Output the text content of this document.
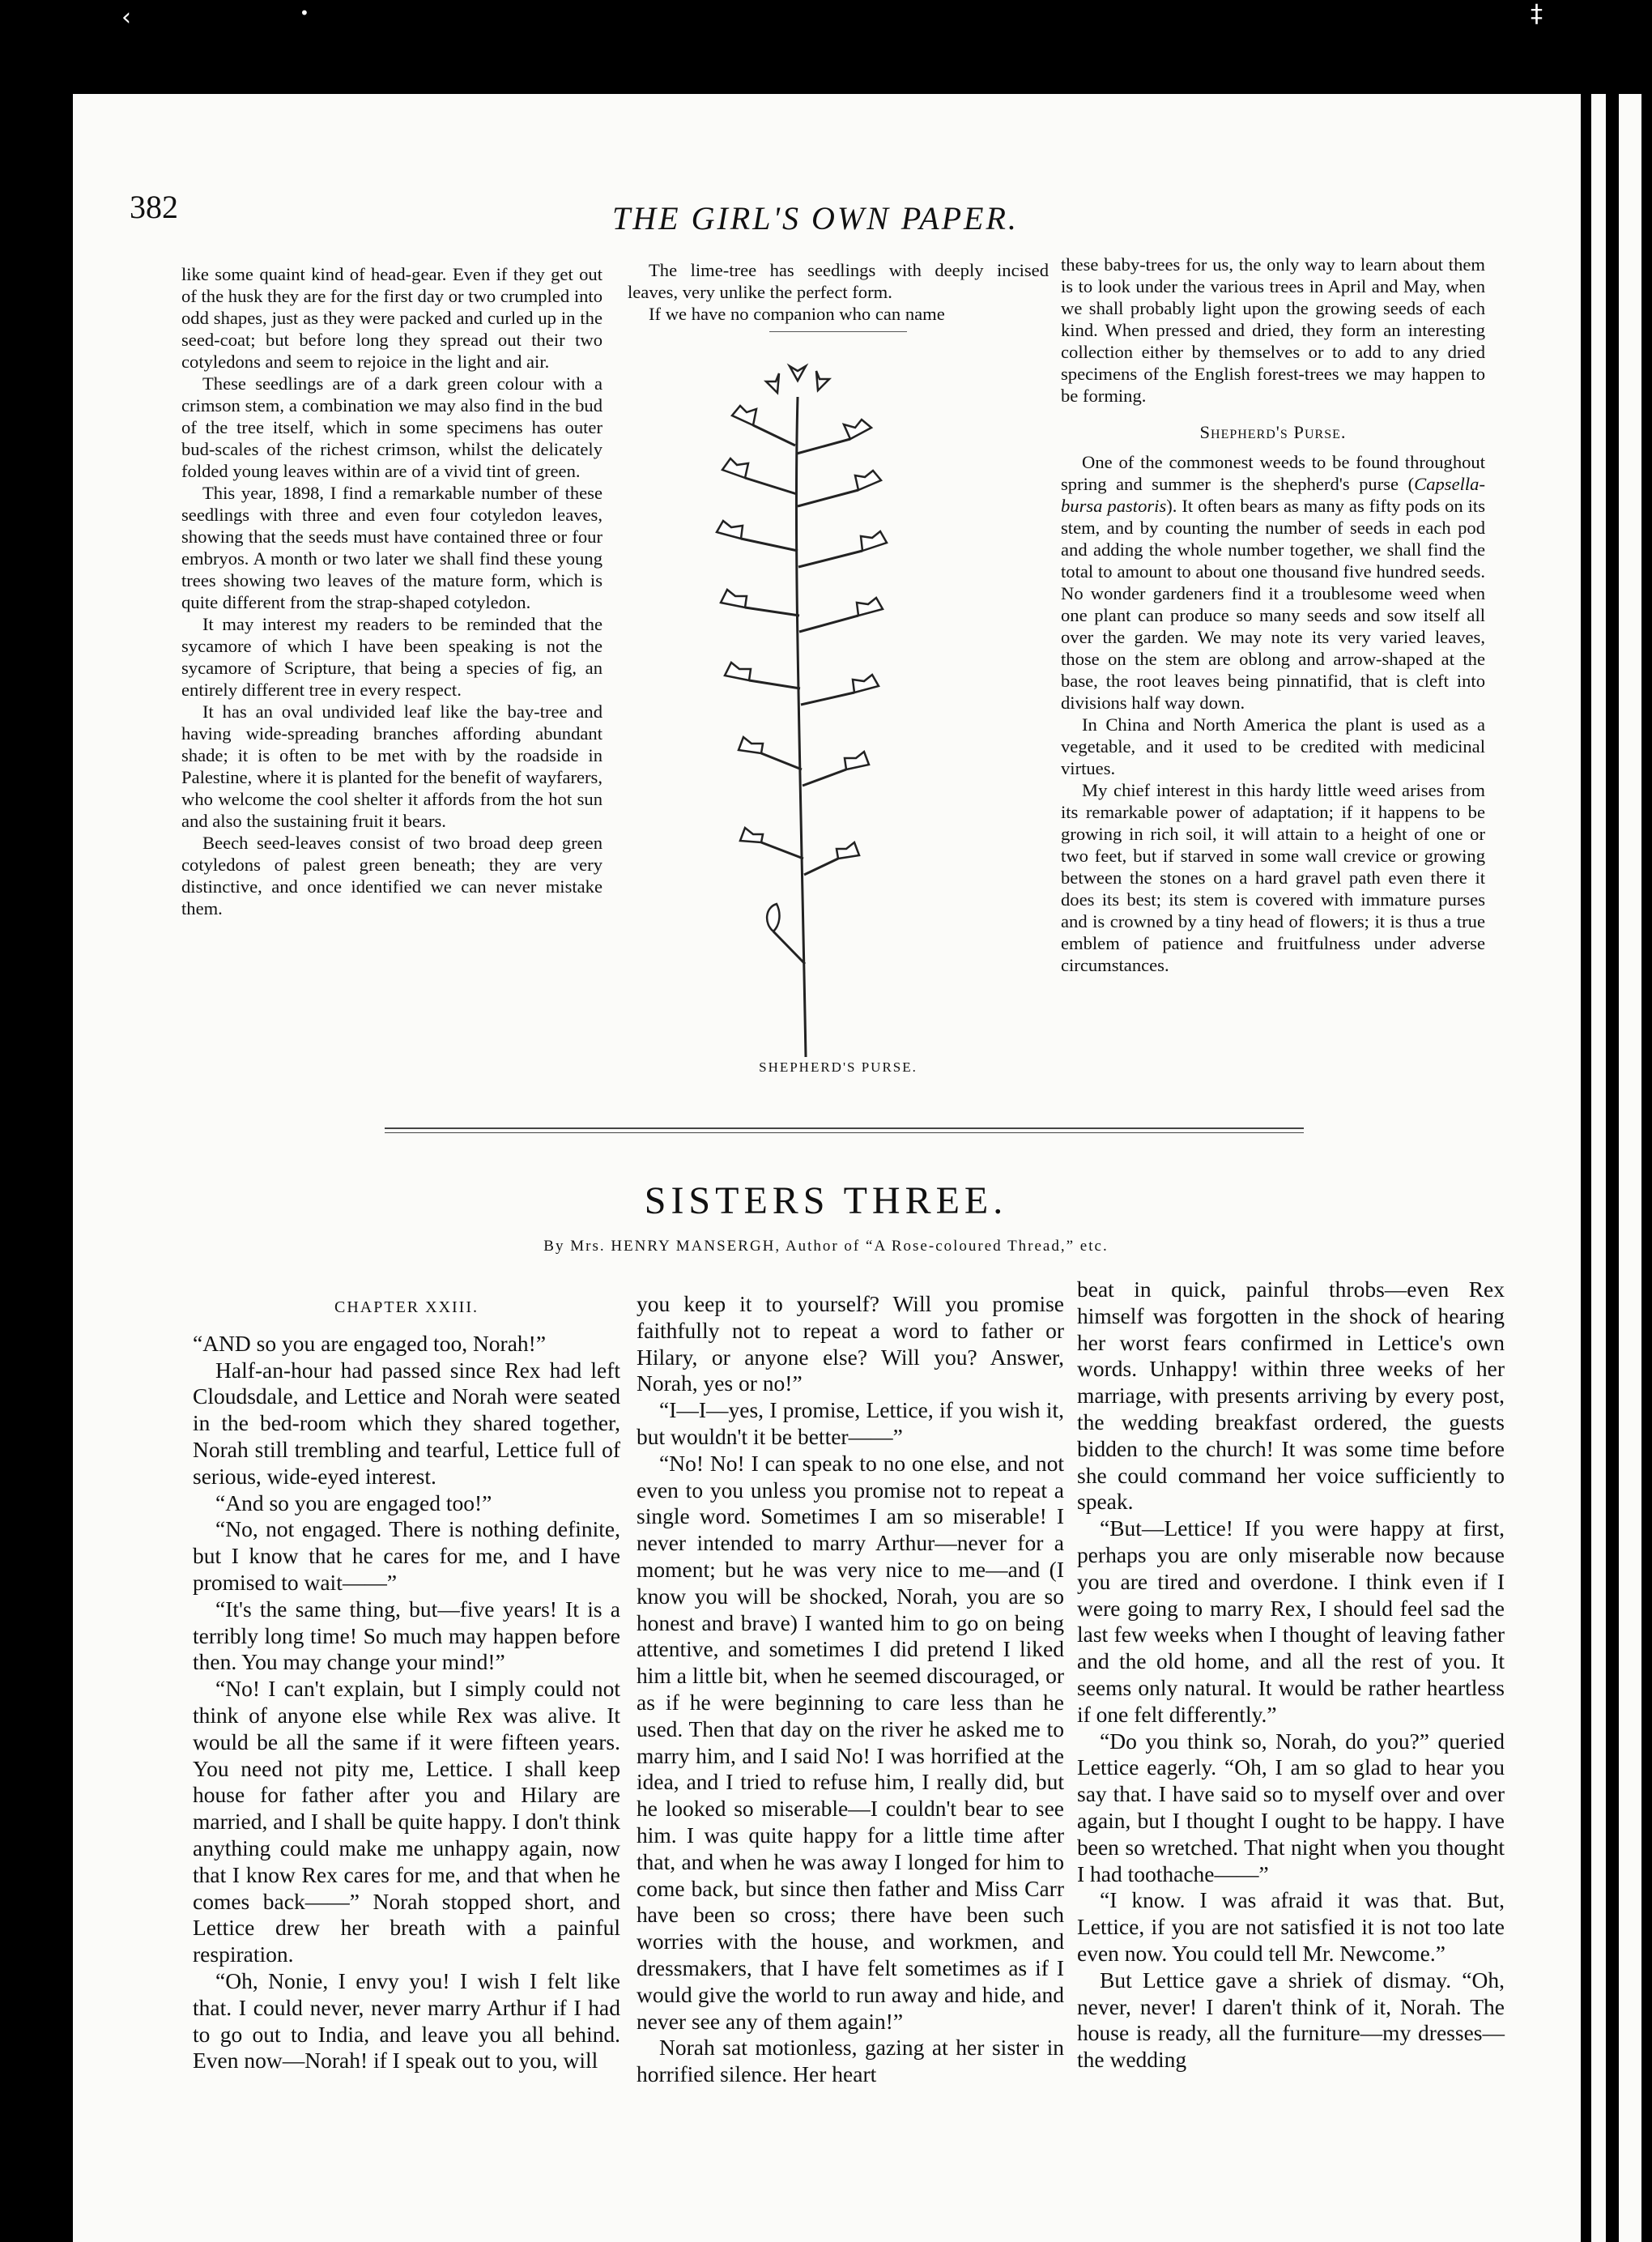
‹	•	‡
382	THE GIRL'S OWN PAPER.

like some quaint kind of head-gear. Even if they get out of the husk they are for the first day or two crumpled into odd shapes, just as they were packed and curled up in the seed-coat; but before long they spread out their two cotyledons and seem to rejoice in the light and air.

These seedlings are of a dark green colour with a crimson stem, a combination we may also find in the bud of the tree itself, which in some specimens has outer bud-scales of the richest crimson, whilst the delicately folded young leaves within are of a vivid tint of green.

This year, 1898, I find a remarkable number of these seedlings with three and even four cotyledon leaves, showing that the seeds must have contained three or four embryos. A month or two later we shall find these young trees showing two leaves of the mature form, which is quite different from the strap-shaped cotyledon.

It may interest my readers to be reminded that the sycamore of which I have been speaking is not the sycamore of Scripture, that being a species of fig, an entirely different tree in every respect.

It has an oval undivided leaf like the bay-tree and having wide-spreading branches affording abundant shade; it is often to be met with by the roadside in Palestine, where it is planted for the benefit of wayfarers, who welcome the cool shelter it affords from the hot sun and also the sustaining fruit it bears.

Beech seed-leaves consist of two broad deep green cotyledons of palest green beneath; they are very distinctive, and once identified we can never mistake them.

The lime-tree has seedlings with deeply incised leaves, very unlike the perfect form.

If we have no companion who can name

SHEPHERD'S PURSE.

these baby-trees for us, the only way to learn about them is to look under the various trees in April and May, when we shall probably light upon the growing seeds of each kind. When pressed and dried, they form an interesting collection either by themselves or to add to any dried specimens of the English forest-trees we may happen to be forming.

Shepherd's Purse.

One of the commonest weeds to be found throughout spring and summer is the shepherd's purse (Capsella-bursa pastoris). It often bears as many as fifty pods on its stem, and by counting the number of seeds in each pod and adding the whole number together, we shall find the total to amount to about one thousand five hundred seeds. No wonder gardeners find it a troublesome weed when one plant can produce so many seeds and sow itself all over the garden. We may note its very varied leaves, those on the stem are oblong and arrow-shaped at the base, the root leaves being pinnatifid, that is cleft into divisions half way down.

In China and North America the plant is used as a vegetable, and it used to be credited with medicinal virtues.

My chief interest in this hardy little weed arises from its remarkable power of adaptation; if it happens to be growing in rich soil, it will attain to a height of one or two feet, but if starved in some wall crevice or growing between the stones on a hard gravel path even there it does its best; its stem is covered with immature purses and is crowned by a tiny head of flowers; it is thus a true emblem of patience and fruitfulness under adverse circumstances.

SISTERS THREE.
By Mrs. HENRY MANSERGH, Author of “A Rose-coloured Thread,” etc.
CHAPTER XXIII.

“AND so you are engaged too, Norah!”

Half-an-hour had passed since Rex had left Cloudsdale, and Lettice and Norah were seated in the bed-room which they shared together, Norah still trembling and tearful, Lettice full of serious, wide-eyed interest.

“And so you are engaged too!”

“No, not engaged. There is nothing definite, but I know that he cares for me, and I have promised to wait——”

“It's the same thing, but—five years! It is a terribly long time! So much may happen before then. You may change your mind!”

“No! I can't explain, but I simply could not think of anyone else while Rex was alive. It would be all the same if it were fifteen years. You need not pity me, Lettice. I shall keep house for father after you and Hilary are married, and I shall be quite happy. I don't think anything could make me unhappy again, now that I know Rex cares for me, and that when he comes back——” Norah stopped short, and Lettice drew her breath with a painful respiration.

“Oh, Nonie, I envy you! I wish I felt like that. I could never, never marry Arthur if I had to go out to India, and leave you all behind. Even now—Norah! if I speak out to you, will

you keep it to yourself? Will you promise faithfully not to repeat a word to father or Hilary, or anyone else? Will you? Answer, Norah, yes or no!”

“I—I—yes, I promise, Lettice, if you wish it, but wouldn't it be better——”

“No! No! I can speak to no one else, and not even to you unless you promise not to repeat a single word. Sometimes I am so miserable! I never intended to marry Arthur—never for a moment; but he was very nice to me—and (I know you will be shocked, Norah, you are so honest and brave) I wanted him to go on being attentive, and sometimes I did pretend I liked him a little bit, when he seemed discouraged, or as if he were beginning to care less than he used. Then that day on the river he asked me to marry him, and I said No! I was horrified at the idea, and I tried to refuse him, I really did, but he looked so miserable—I couldn't bear to see him. I was quite happy for a little time after that, and when he was away I longed for him to come back, but since then father and Miss Carr have been so cross; there have been such worries with the house, and workmen, and dressmakers, that I have felt sometimes as if I would give the world to run away and hide, and never see any of them again!”

Norah sat motionless, gazing at her sister in horrified silence. Her heart

beat in quick, painful throbs—even Rex himself was forgotten in the shock of hearing her worst fears confirmed in Lettice's own words. Unhappy! within three weeks of her marriage, with presents arriving by every post, the wedding breakfast ordered, the guests bidden to the church! It was some time before she could command her voice sufficiently to speak.

“But—Lettice! If you were happy at first, perhaps you are only miserable now because you are tired and overdone. I think even if I were going to marry Rex, I should feel sad the last few weeks when I thought of leaving father and the old home, and all the rest of you. It seems only natural. It would be rather heartless if one felt differently.”

“Do you think so, Norah, do you?” queried Lettice eagerly. “Oh, I am so glad to hear you say that. I have said so to myself over and over again, but I thought I ought to be happy. I have been so wretched. That night when you thought I had toothache——”

“I know. I was afraid it was that. But, Lettice, if you are not satisfied it is not too late even now. You could tell Mr. Newcome.”

But Lettice gave a shriek of dismay. “Oh, never, never! I daren't think of it, Norah. The house is ready, all the furniture—my dresses—the wedding
